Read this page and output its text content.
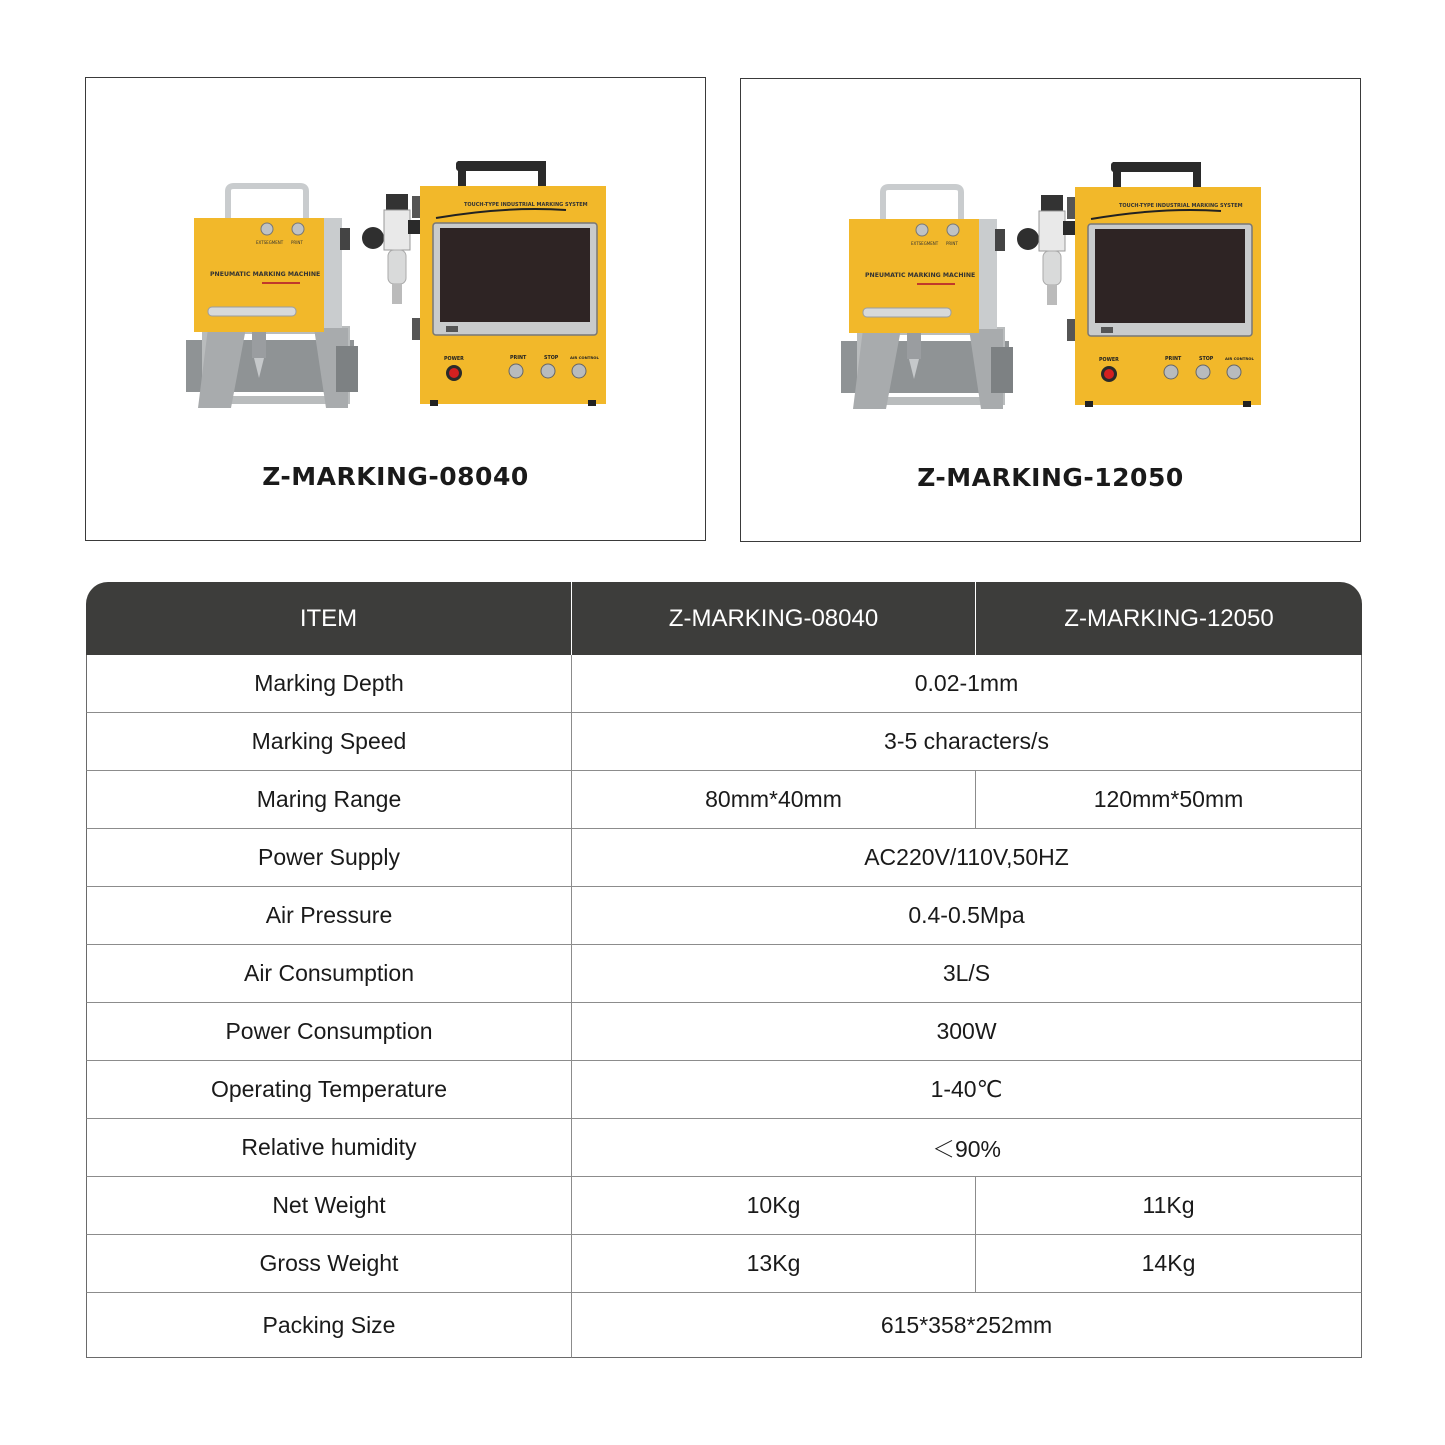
EXTSEGMENT PRINT
PNEUMATIC MARKING MACHINE
TOUCH-TYPE INDUSTRIAL MARKING SYSTEM
POWER	PRINT	STOP	AIR CONTROL
Z-MARKING-08040
EXTSEGMENT PRINT
PNEUMATIC MARKING MACHINE
TOUCH-TYPE INDUSTRIAL MARKING SYSTEM
POWER	PRINT	STOP	AIR CONTROL
Z-MARKING-12050
ITEM	Z-MARKING-08040	Z-MARKING-12050
Marking Depth	0.02-1mm	
Marking Speed	3-5 characters/s	
Maring Range	80mm*40mm	120mm*50mm
Power Supply	AC220V/110V,50HZ	
Air Pressure	0.4-0.5Mpa	
Air Consumption	3L/S	
Power Consumption	300W	
Operating Temperature	1-40℃	
Relative humidity	＜90%	
Net Weight	10Kg	11Kg
Gross Weight	13Kg	14Kg
Packing Size	615*358*252mm	
